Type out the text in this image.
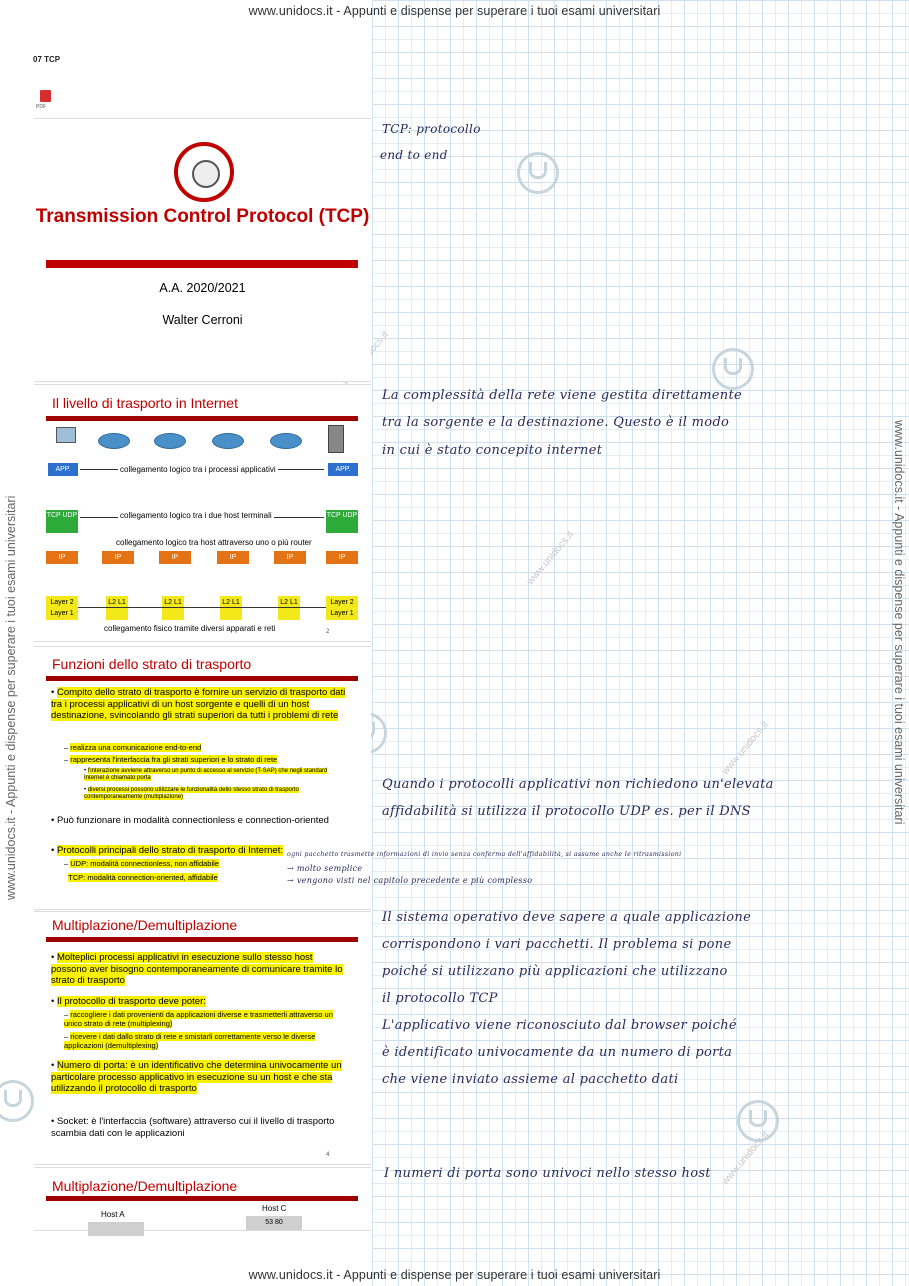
www.unidocs.it - Appunti e dispense per superare i tuoi esami universitari
www.unidocs.it - Appunti e dispense per superare i tuoi esami universitari
www.unidocs.it - Appunti e dispense per superare i tuoi esami universitari	www.unidocs.it - Appunti e dispense per superare i tuoi esami universitari
www.unidocs.it
www.unidocs.it
www.unidocs.it
07 TCP

PDF
Transmission Control Protocol (TCP)
A.A. 2020/2021
Walter Cerroni
Il livello di trasporto in Internet
APP.	collegamento logico tra i processi applicativi	APP.
TCP UDP	collegamento logico tra i due host terminali	TCP UDP
collegamento logico tra host attraverso uno o più router
IP	IP	IP	IP	IP	IP
Layer 2 Layer 1
L2 L1	L2 L1	L2 L1	L2 L1	Layer 2 Layer 1
collegamento fisico tramite diversi apparati e reti	2
Funzioni dello strato di trasporto
• Compito dello strato di trasporto è fornire un servizio di trasporto dati tra i processi applicativi di un host sorgente e quelli di un host destinazione, svincolando gli strati superiori da tutti i problemi di rete
– realizza una comunicazione end-to-end
– rappresenta l'interfaccia fra gli strati superiori e lo strato di rete
• l'interazione avviene attraverso un punto di accesso al servizio (T-SAP) che negli standard Internet è chiamato porta
• diversi processi possono utilizzare le funzionalità dello stesso strato di trasporto contemporaneamente (multiplazione)
• Può funzionare in modalità connectionless e connection-oriented
• Protocolli principali dello strato di trasporto di Internet:
– UDP: modalità connectionless, non affidabile
TCP: modalità connection-oriented, affidabile
Multiplazione/Demultiplazione
• Molteplici processi applicativi in esecuzione sullo stesso host possono aver bisogno contemporaneamente di comunicare tramite lo strato di trasporto
• Il protocollo di trasporto deve poter:
– raccogliere i dati provenienti da applicazioni diverse e trasmetterli attraverso un unico strato di rete (multiplexing)
– ricevere i dati dallo strato di rete e smistarli correttamente verso le diverse applicazioni (demultiplexing)
• Numero di porta: è un identificativo che determina univocamente un particolare processo applicativo in esecuzione su un host e che sta utilizzando il protocollo di trasporto
• Socket: è l'interfaccia (software) attraverso cui il livello di trasporto scambia dati con le applicazioni
4
Multiplazione/Demultiplazione
Host A
Host C
53 80
TCP: protocollo
end to end
La complessità della rete viene gestita direttamente
tra la sorgente e la destinazione. Questo è il modo
in cui è stato concepito internet
Quando i protocolli applicativi non richiedono un'elevata
affidabilità si utilizza il protocollo UDP es. per il DNS
ogni pacchetto trasmette informazioni di invio senza conferma dell'affidabilità, si assume anche le ritrasmissioni
→ molto semplice
→ vengono visti nel capitolo precedente e più complesso
Il sistema operativo deve sapere a quale applicazione
corrispondono i vari pacchetti. Il problema si pone
poiché si utilizzano più applicazioni che utilizzano
il protocollo TCP
L'applicativo viene riconosciuto dal browser poiché
è identificato univocamente da un numero di porta
che viene inviato assieme al pacchetto dati
I numeri di porta sono univoci nello stesso host
